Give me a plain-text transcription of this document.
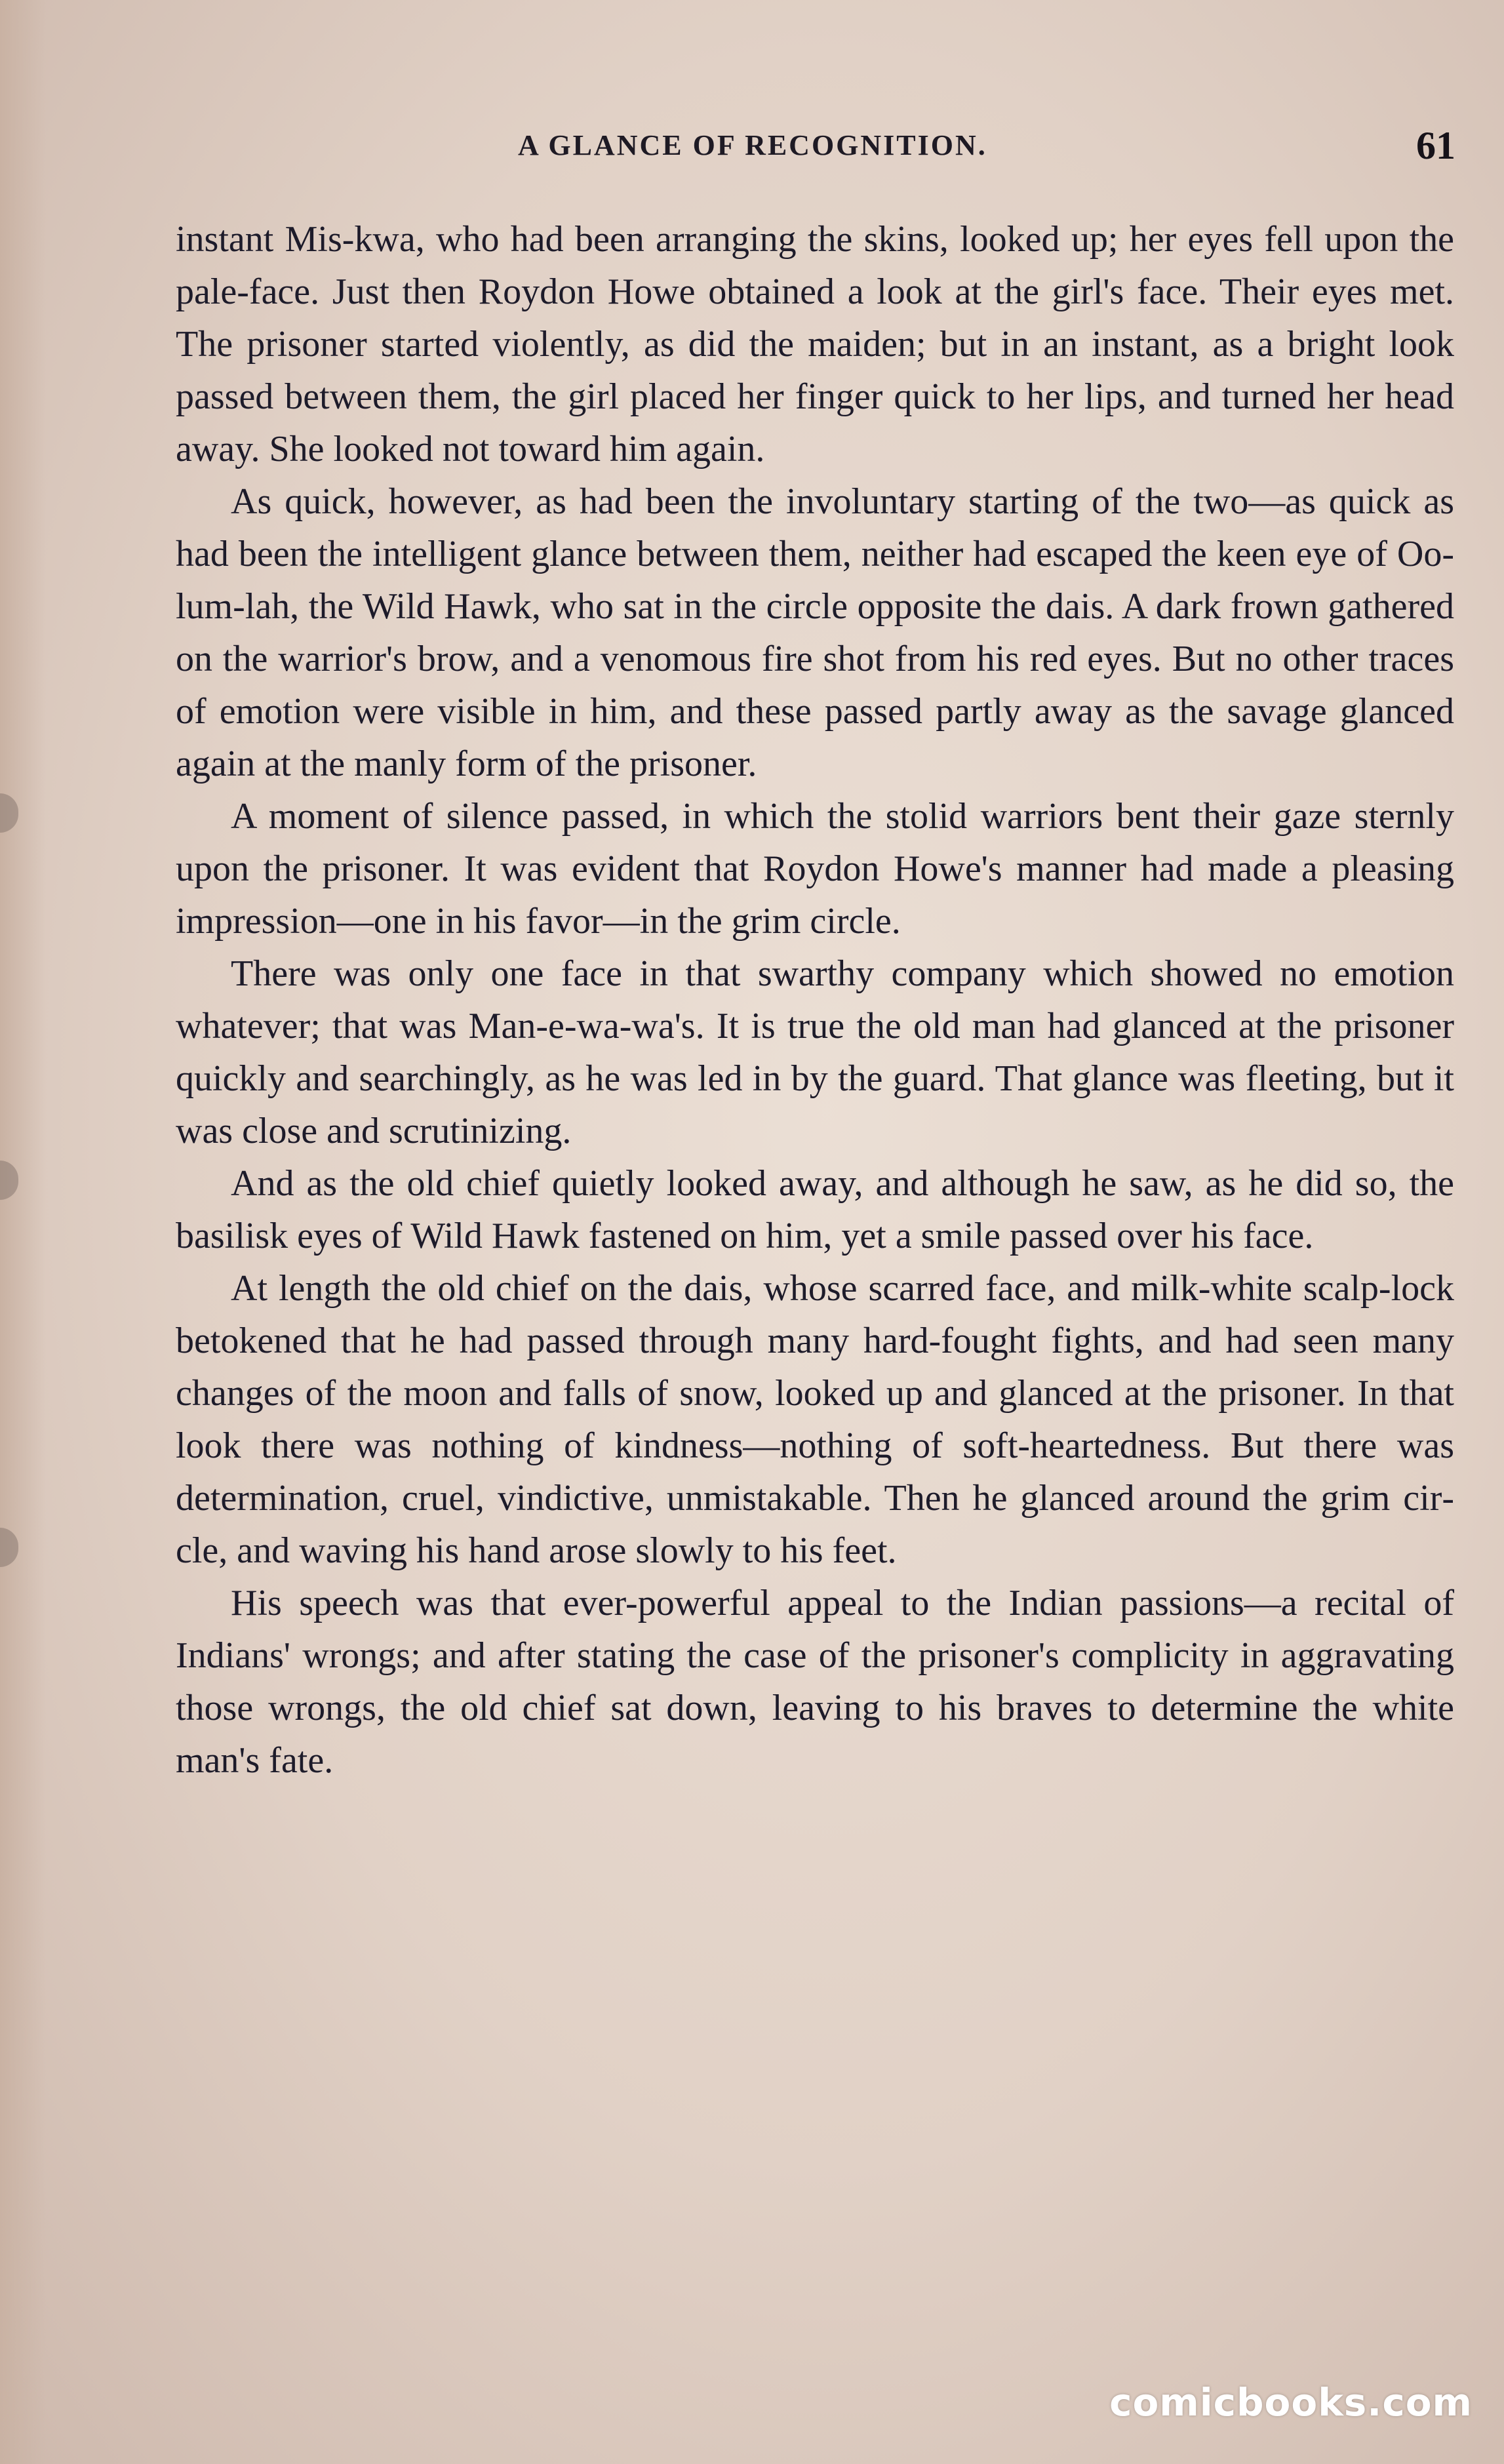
A GLANCE OF RECOGNITION.	61

instant Mis-kwa, who had been arranging the skins, looked up; her eyes fell upon the pale-face. Just then Roydon Howe obtained a look at the girl's face. Their eyes met. The prisoner started violently, as did the maiden; but in an instant, as a bright look passed between them, the girl placed her finger quick to her lips, and turned her head away. She looked not toward him again.

As quick, however, as had been the involuntary starting of the two—as quick as had been the intelligent glance between them, neither had escaped the keen eye of Oo-lum-lah, the Wild Hawk, who sat in the circle opposite the dais. A dark frown gathered on the warrior's brow, and a venomous fire shot from his red eyes. But no other traces of emotion were visible in him, and these passed partly away as the savage glanced again at the manly form of the prisoner.

A moment of silence passed, in which the stolid warriors bent their gaze sternly upon the prisoner. It was evident that Roydon Howe's manner had made a pleasing impression—one in his favor—in the grim circle.

There was only one face in that swarthy company which showed no emotion whatever; that was Man-e-wa-wa's. It is true the old man had glanced at the prisoner quickly and searchingly, as he was led in by the guard. That glance was fleeting, but it was close and scrutinizing.

And as the old chief quietly looked away, and although he saw, as he did so, the basilisk eyes of Wild Hawk fastened on him, yet a smile passed over his face.

At length the old chief on the dais, whose scarred face, and milk-white scalp-lock betokened that he had passed through many hard-fought fights, and had seen many changes of the moon and falls of snow, looked up and glanced at the prisoner. In that look there was nothing of kindness—nothing of soft-heartedness. But there was determination, cruel, vindictive, unmistakable. Then he glanced around the grim circle, and waving his hand arose slowly to his feet.

His speech was that ever-powerful appeal to the Indian passions—a recital of Indians' wrongs; and after stating the case of the prisoner's complicity in aggravating those wrongs, the old chief sat down, leaving to his braves to determine the white man's fate.

comicbooks.com
